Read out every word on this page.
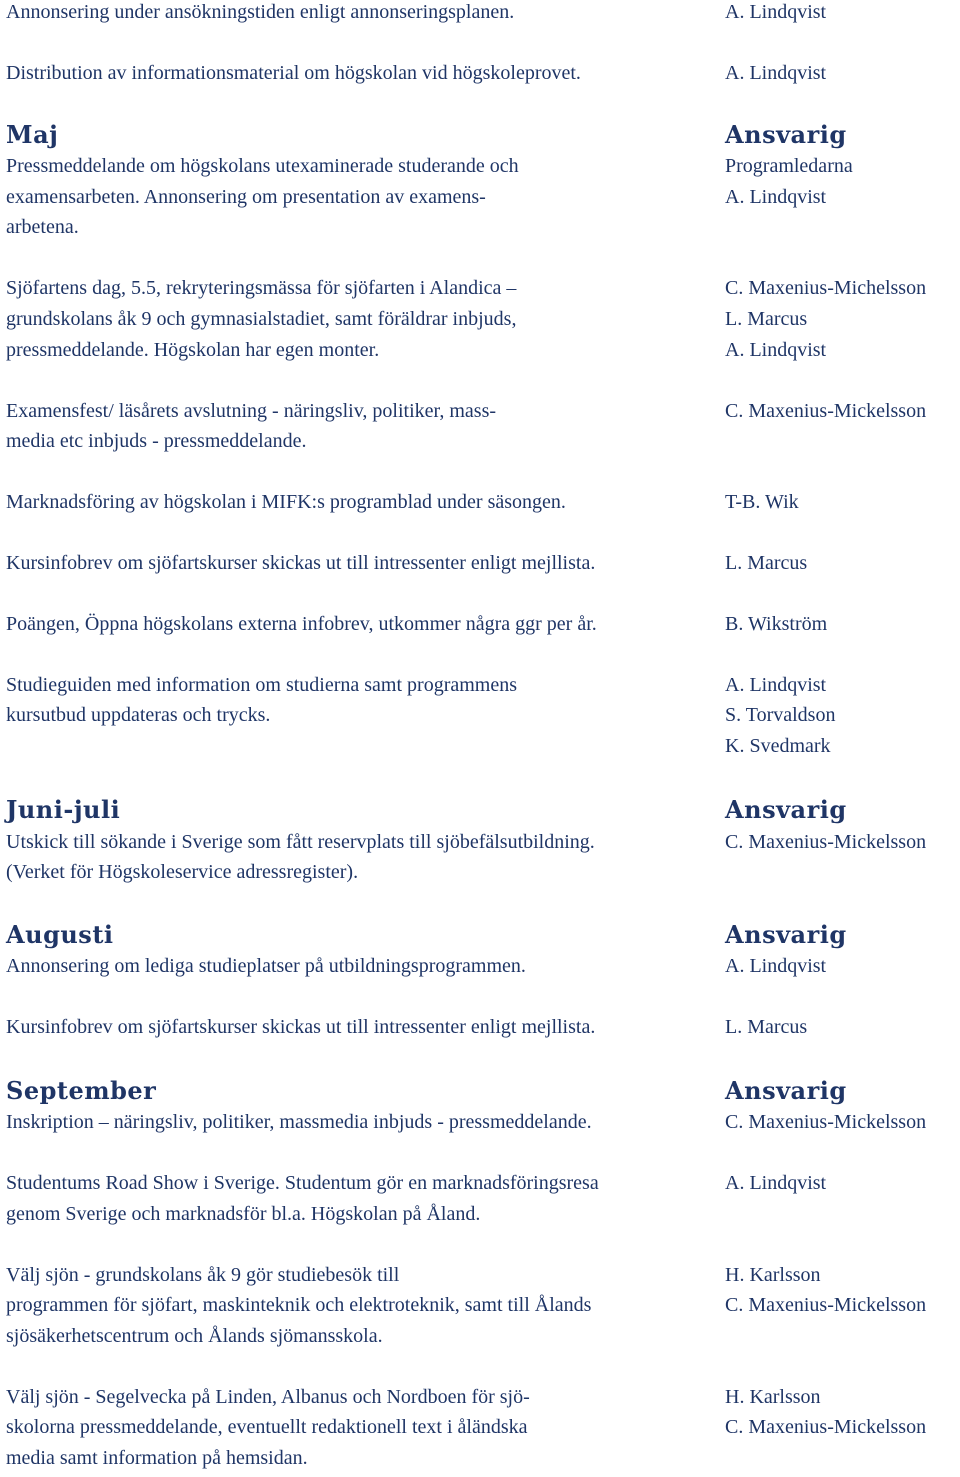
Annonsering under ansökningstiden enligt annonseringsplanen.	A. Lindqvist
Distribution av informationsmaterial om högskolan vid högskoleprovet.	A. Lindqvist
Maj	Ansvarig
Pressmeddelande om högskolans utexaminerade studerande och	Programledarna
examensarbeten. Annonsering om presentation av examens-	A. Lindqvist
arbetena.
Sjöfartens dag, 5.5, rekryteringsmässa för sjöfarten i Alandica –	C. Maxenius-Michelsson
grundskolans åk 9 och gymnasialstadiet, samt föräldrar inbjuds,	L. Marcus
pressmeddelande. Högskolan har egen monter.	A. Lindqvist
Examensfest/ läsårets avslutning - näringsliv, politiker, mass-	C. Maxenius-Mickelsson
media etc inbjuds - pressmeddelande.
Marknadsföring av högskolan i MIFK:s programblad under säsongen.	T-B. Wik
Kursinfobrev om sjöfartskurser skickas ut till intressenter enligt mejllista.	L. Marcus
Poängen, Öppna högskolans externa infobrev, utkommer några ggr per år.	B. Wikström
Studieguiden med information om studierna samt programmens	A. Lindqvist
kursutbud uppdateras och trycks.	S. Torvaldson
K. Svedmark
Juni-juli	Ansvarig
Utskick till sökande i Sverige som fått reservplats till sjöbefälsutbildning.	C. Maxenius-Mickelsson
(Verket för Högskoleservice adressregister).
Augusti	Ansvarig
Annonsering om lediga studieplatser på utbildningsprogrammen.	A. Lindqvist
Kursinfobrev om sjöfartskurser skickas ut till intressenter enligt mejllista.	L. Marcus
September	Ansvarig
Inskription – näringsliv, politiker, massmedia inbjuds - pressmeddelande.	C. Maxenius-Mickelsson
Studentums Road Show i Sverige. Studentum gör en marknadsföringsresa	A. Lindqvist
genom Sverige och marknadsför bl.a. Högskolan på Åland.
Välj sjön - grundskolans åk 9 gör studiebesök till	H. Karlsson
programmen för sjöfart, maskinteknik och elektroteknik, samt till Ålands	C. Maxenius-Mickelsson
sjösäkerhetscentrum och Ålands sjömansskola.
Välj sjön - Segelvecka på Linden, Albanus och Nordboen för sjö-	H. Karlsson
skolorna pressmeddelande, eventuellt redaktionell text i åländska	C. Maxenius-Mickelsson
media samt information på hemsidan.
